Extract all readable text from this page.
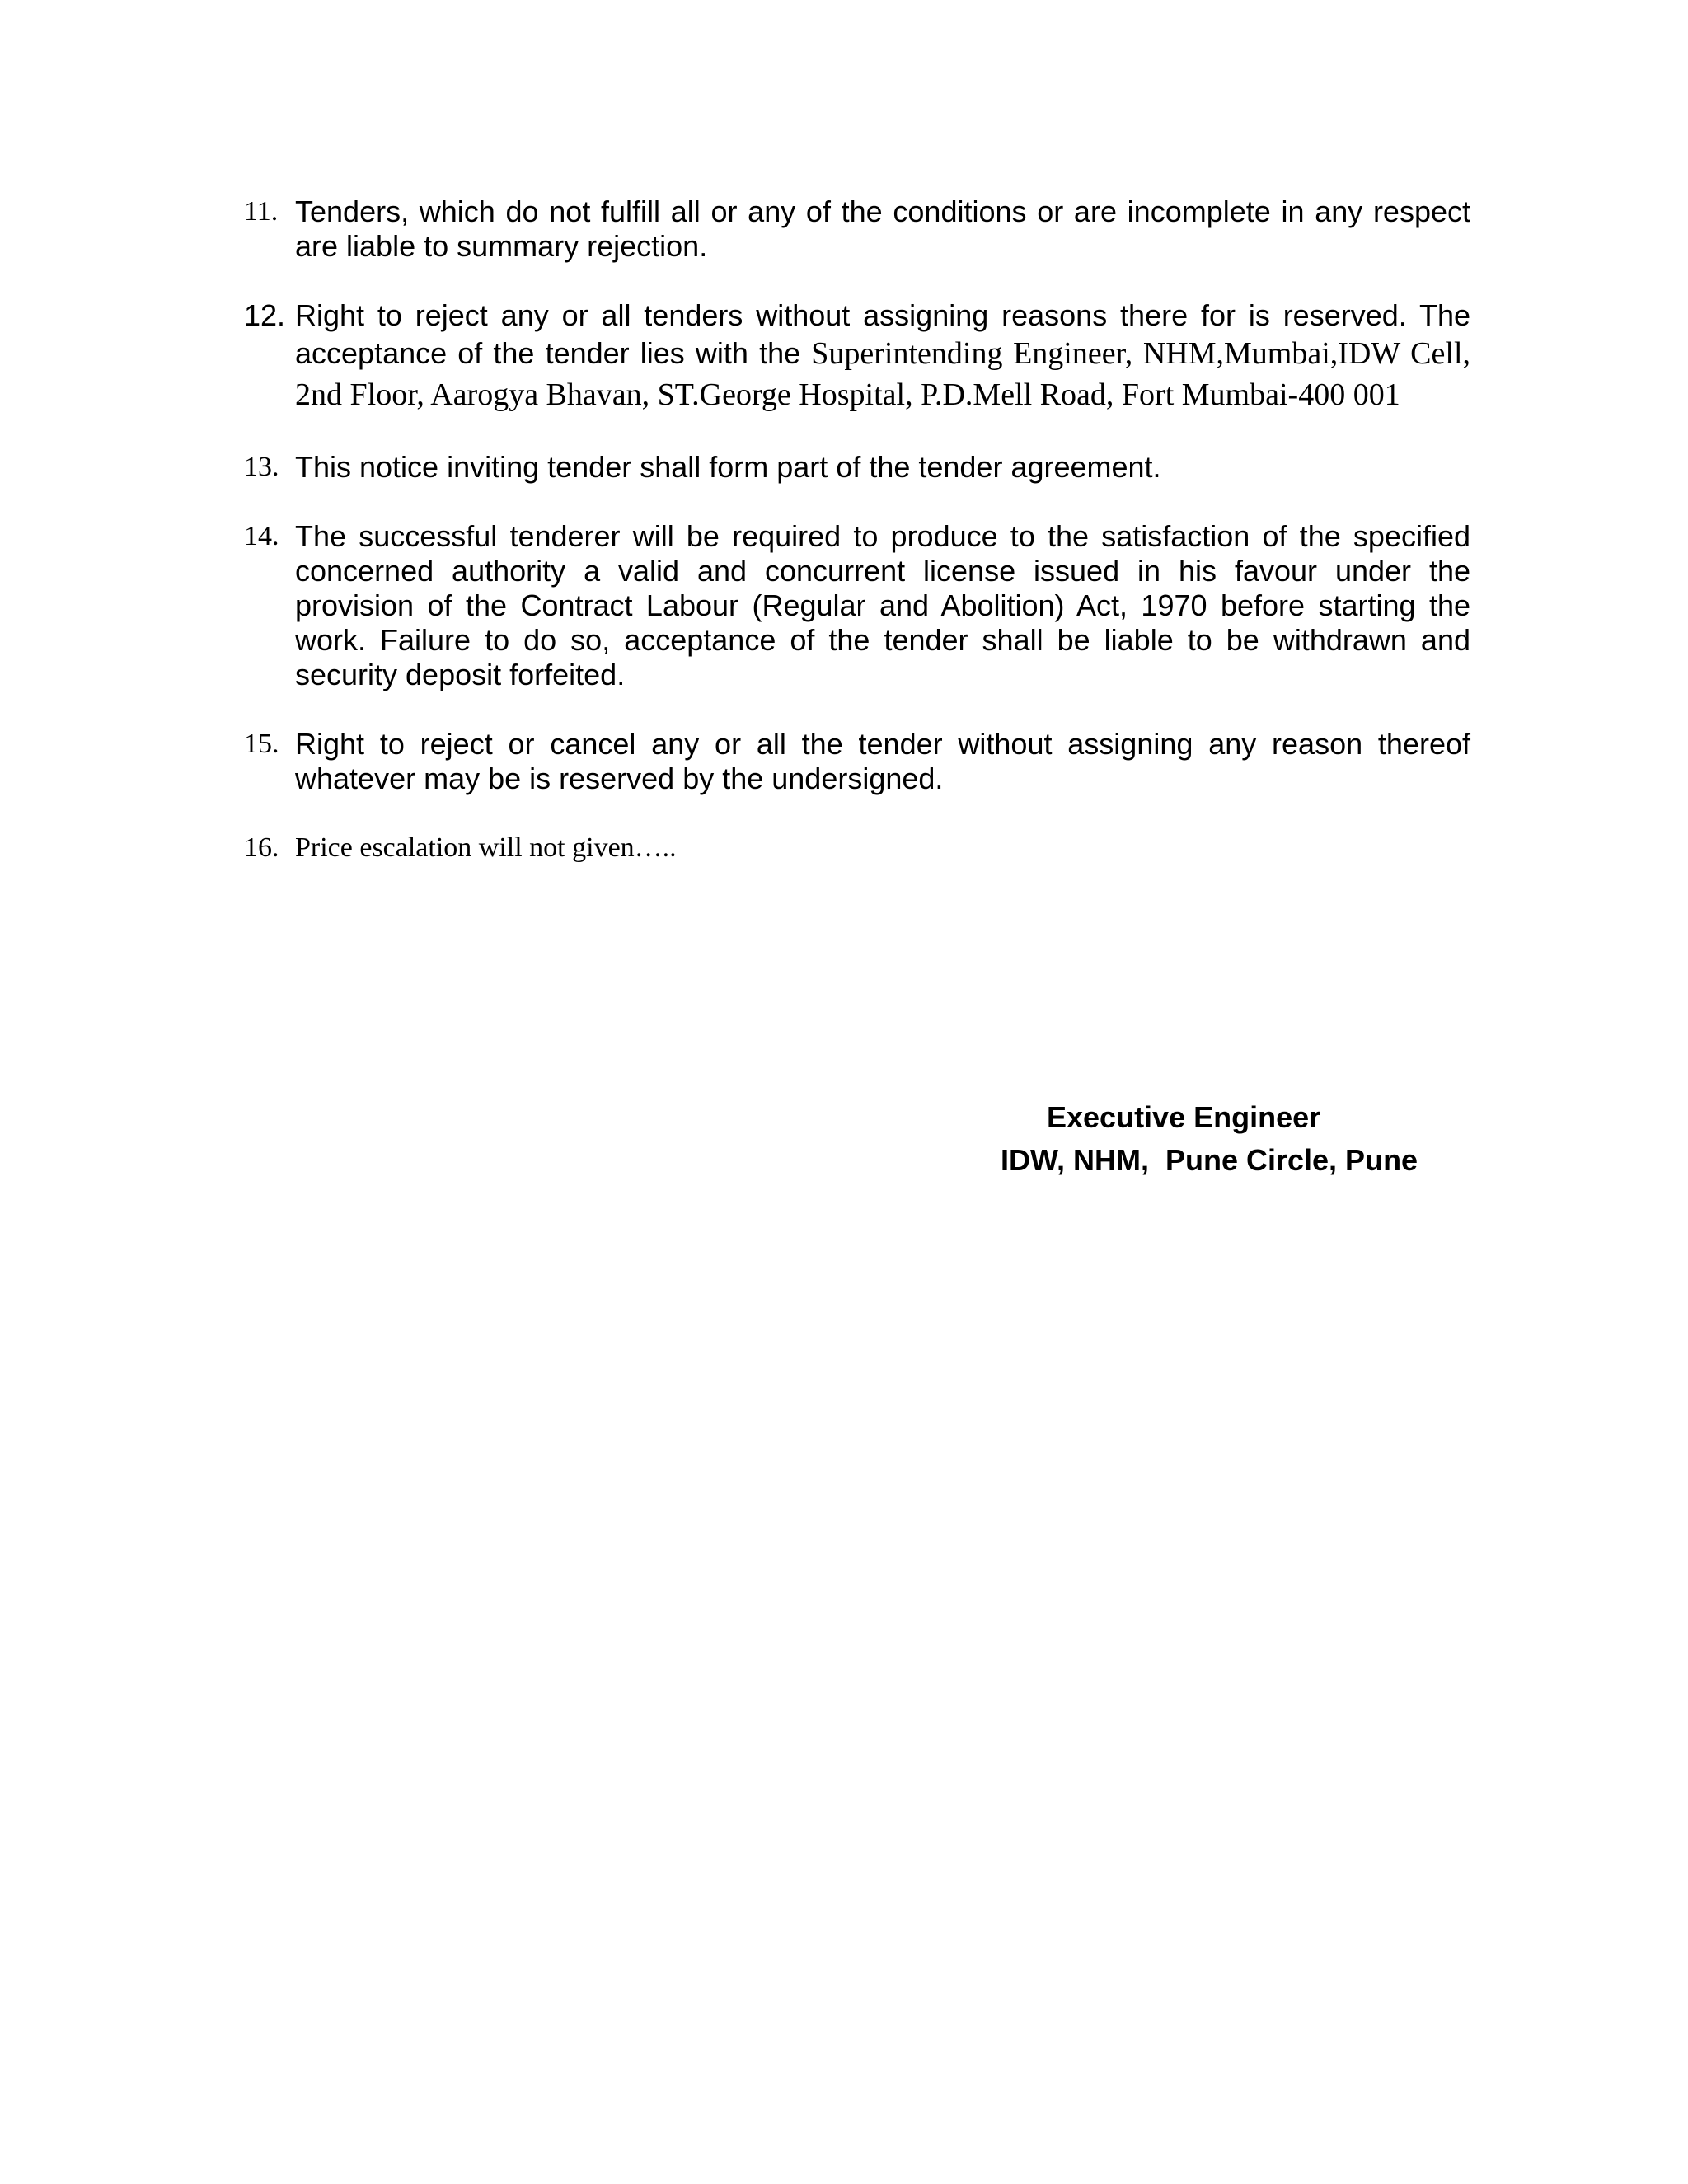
11. Tenders, which do not fulfill all or any of the conditions or are incomplete in any respect are liable to summary rejection.
12. Right to reject any or all tenders without assigning reasons there for is reserved. The acceptance of the tender lies with the Superintending Engineer, NHM,Mumbai,IDW Cell, 2nd Floor, Aarogya Bhavan, ST.George Hospital, P.D.Mell Road, Fort Mumbai-400 001
13. This notice inviting tender shall form part of the tender agreement.
14. The successful tenderer will be required to produce to the satisfaction of the specified concerned authority a valid and concurrent license issued in his favour under the provision of the Contract Labour (Regular and Abolition) Act, 1970 before starting the work. Failure to do so, acceptance of the tender shall be liable to be withdrawn and security deposit forfeited.
15. Right to reject or cancel any or all the tender without assigning any reason thereof whatever may be is reserved by the undersigned.
16. Price escalation will not given…..
Executive Engineer
IDW, NHM,  Pune Circle, Pune
